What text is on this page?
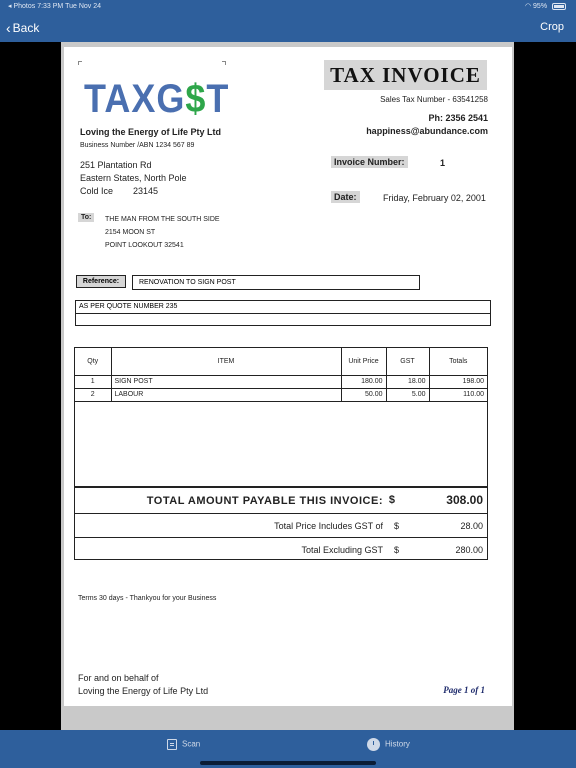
◂ Photos 7:33 PM Tue Nov 24	◠ 95%
‹ Back	Crop
TAXG$T
TAX INVOICE
Sales Tax Number - 63541258
Ph: 2356 2541
happiness@abundance.com
Loving the Energy of Life Pty Ltd
Business Number /ABN 1234 567 89
251 Plantation Rd
Eastern States, North Pole
Cold Ice        23145
Invoice Number:	1
Date:	Friday, February 02, 2001
To:	THE MAN FROM THE SOUTH SIDE
2154 MOON ST
POINT LOOKOUT 32541
Reference:	RENOVATION TO SIGN POST
AS PER QUOTE NUMBER 235
Qty	ITEM	Unit Price	GST	Totals
1	SIGN POST	180.00	18.00	198.00
2	LABOUR	50.00	5.00	110.00
TOTAL AMOUNT PAYABLE THIS INVOICE: $	308.00
Total Price Includes GST of $	28.00
Total Excluding GST $	280.00
Terms 30 days - Thankyou for your Business
For and on behalf of
Loving the Energy of Life Pty Ltd	Page 1 of 1
Scan	History
